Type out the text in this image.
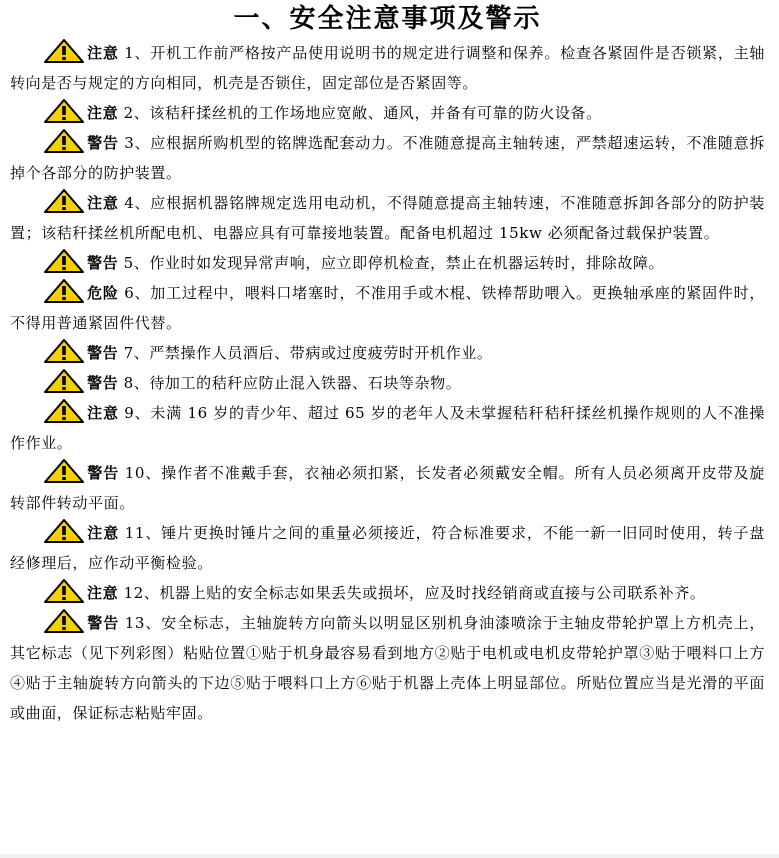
一、安全注意事项及警示

注意 1、开机工作前严格按产品使用说明书的规定进行调整和保养。检查各紧固件是否锁紧，主轴转向是否与规定的方向相同，机壳是否锁住，固定部位是否紧固等。

注意 2、该秸秆揉丝机的工作场地应宽敞、通风，并备有可靠的防火设备。

警告 3、应根据所购机型的铭牌选配套动力。不准随意提高主轴转速，严禁超速运转，不准随意拆掉个各部分的防护装置。

注意 4、应根据机器铭牌规定选用电动机，不得随意提高主轴转速，不准随意拆卸各部分的防护装置；该秸秆揉丝机所配电机、电器应具有可靠接地装置。配备电机超过 15kw 必须配备过载保护装置。

警告 5、作业时如发现异常声响，应立即停机检查，禁止在机器运转时，排除故障。

危险 6、加工过程中，喂料口堵塞时，不准用手或木棍、铁棒帮助喂入。更换轴承座的紧固件时，不得用普通紧固件代替。

警告 7、严禁操作人员酒后、带病或过度疲劳时开机作业。

警告 8、待加工的秸秆应防止混入铁器、石块等杂物。

注意 9、未满 16 岁的青少年、超过 65 岁的老年人及未掌握秸秆秸秆揉丝机操作规则的人不准操作作业。

警告 10、操作者不准戴手套，衣袖必须扣紧，长发者必须戴安全帽。所有人员必须离开皮带及旋转部件转动平面。

注意 11、锤片更换时锤片之间的重量必须接近，符合标准要求，不能一新一旧同时使用，转子盘经修理后，应作动平衡检验。

注意 12、机器上贴的安全标志如果丢失或损坏，应及时找经销商或直接与公司联系补齐。

警告 13、安全标志，主轴旋转方向箭头以明显区别机身油漆喷涂于主轴皮带轮护罩上方机壳上，其它标志（见下列彩图）粘贴位置①贴于机身最容易看到地方②贴于电机或电机皮带轮护罩③贴于喂料口上方④贴于主轴旋转方向箭头的下边⑤贴于喂料口上方⑥贴于机器上壳体上明显部位。所贴位置应当是光滑的平面或曲面，保证标志粘贴牢固。
